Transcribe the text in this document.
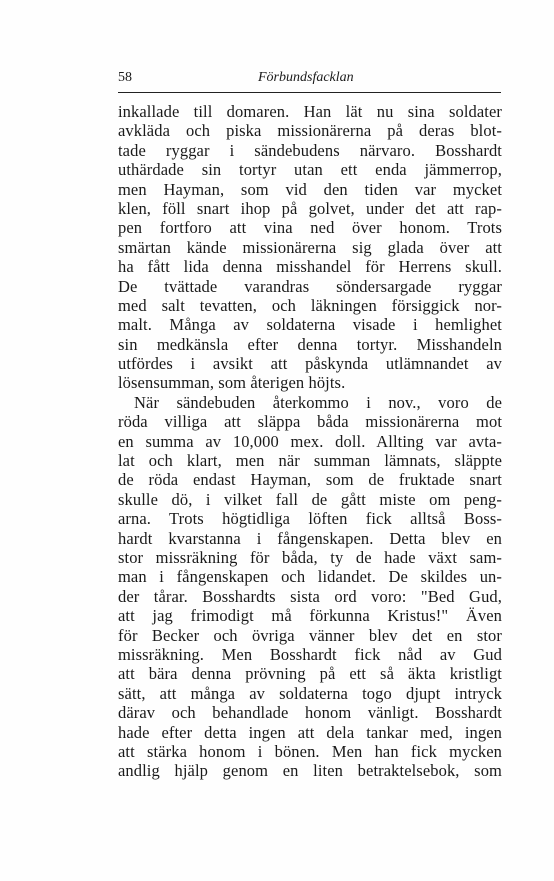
58	Förbundsfacklan
inkallade till domaren. Han lät nu sina soldater
avkläda och piska missionärerna på deras blot-
tade ryggar i sändebudens närvaro. Bosshardt
uthärdade sin tortyr utan ett enda jämmerrop,
men Hayman, som vid den tiden var mycket
klen, föll snart ihop på golvet, under det att rap-
pen fortforo att vina ned över honom. Trots
smärtan kände missionärerna sig glada över att
ha fått lida denna misshandel för Herrens skull.
De tvättade varandras söndersargade ryggar
med salt tevatten, och läkningen försiggick nor-
malt. Många av soldaterna visade i hemlighet
sin medkänsla efter denna tortyr. Misshandeln
utfördes i avsikt att påskynda utlämnandet av
lösensumman, som återigen höjts.
När sändebuden återkommo i nov., voro de
röda villiga att släppa båda missionärerna mot
en summa av 10,000 mex. doll. Allting var avta-
lat och klart, men när summan lämnats, släppte
de röda endast Hayman, som de fruktade snart
skulle dö, i vilket fall de gått miste om peng-
arna. Trots högtidliga löften fick alltså Boss-
hardt kvarstanna i fångenskapen. Detta blev en
stor missräkning för båda, ty de hade växt sam-
man i fångenskapen och lidandet. De skildes un-
der tårar. Bosshardts sista ord voro: "Bed Gud,
att jag frimodigt må förkunna Kristus!" Även
för Becker och övriga vänner blev det en stor
missräkning. Men Bosshardt fick nåd av Gud
att bära denna prövning på ett så äkta kristligt
sätt, att många av soldaterna togo djupt intryck
därav och behandlade honom vänligt. Bosshardt
hade efter detta ingen att dela tankar med, ingen
att stärka honom i bönen. Men han fick mycken
andlig hjälp genom en liten betraktelsebok, som
